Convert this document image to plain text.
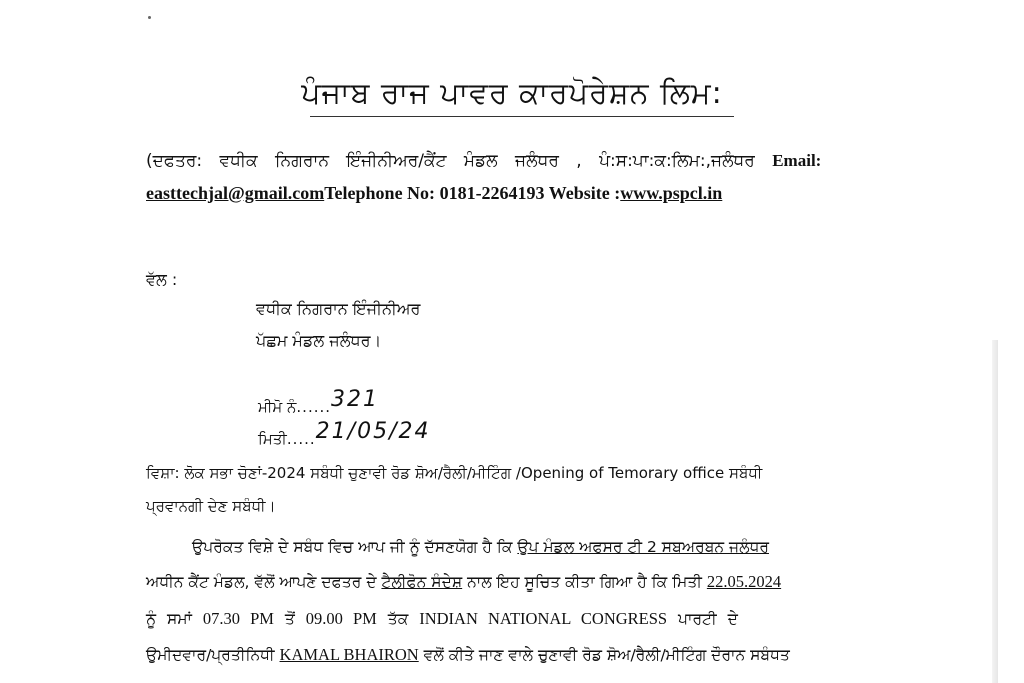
ਪੰਜਾਬ ਰਾਜ ਪਾਵਰ ਕਾਰਪੋਰੇਸ਼ਨ ਲਿਮ:
(ਦਫਤਰ: ਵਧੀਕ ਨਿਗਰਾਨ ਇੰਜੀਨੀਅਰ/ਕੈਂਟ ਮੰਡਲ ਜਲੰਧਰ , ਪੰ:ਸ:ਪਾ:ਕ:ਲਿਮ:,ਜਲੰਧਰ Email:
easttechjal@gmail.comTelephone No: 0181-2264193 Website :www.pspcl.in
ਵੱਲ :
ਵਧੀਕ ਨਿਗਰਾਨ ਇੰਜੀਨੀਅਰ
ਪੱਛਮ ਮੰਡਲ ਜਲੰਧਰ।
ਮੀਮੋ ਨੰ......321
ਮਿਤੀ.....21/05/24
ਵਿਸ਼ਾ: ਲੋਕ ਸਭਾ ਚੋਣਾਂ-2024 ਸਬੰਧੀ ਚੁਣਾਵੀ ਰੋਡ ਸ਼ੋਅ/ਰੈਲੀ/ਮੀਟਿੰਗ /Opening of Temorary office ਸਬੰਧੀ
ਪ੍ਰਵਾਨਗੀ ਦੇਣ ਸਬੰਧੀ।
ਉਪਰੋਕਤ ਵਿਸ਼ੇ ਦੇ ਸਬੰਧ ਵਿਚ ਆਪ ਜੀ ਨੂੰ ਦੱਸਣਯੋਗ ਹੈ ਕਿ ਉਪ ਮੰਡਲ ਅਫਸਰ ਟੀ 2 ਸਬਅਰਬਨ ਜਲੰਧਰ
ਅਧੀਨ ਕੈਂਟ ਮੰਡਲ, ਵੱਲੋਂ ਆਪਣੇ ਦਫਤਰ ਦੇ ਟੈਲੀਫੋਨ ਸੰਦੇਸ਼ ਨਾਲ ਇਹ ਸੂਚਿਤ ਕੀਤਾ ਗਿਆ ਹੈ ਕਿ ਮਿਤੀ 22.05.2024
ਨੂੰ ਸਮਾਂ 07.30 PM ਤੋਂ 09.00 PM ਤੱਕ INDIAN NATIONAL CONGRESS ਪਾਰਟੀ ਦੇ
ਉਮੀਦਵਾਰ/ਪ੍ਰਤੀਨਿਧੀ KAMAL BHAIRON ਵਲੋਂ ਕੀਤੇ ਜਾਣ ਵਾਲੇ ਚੁਣਾਵੀ ਰੋਡ ਸ਼ੋਅ/ਰੈਲੀ/ਮੀਟਿੰਗ ਦੌਰਾਨ ਸਬੰਧਤ
